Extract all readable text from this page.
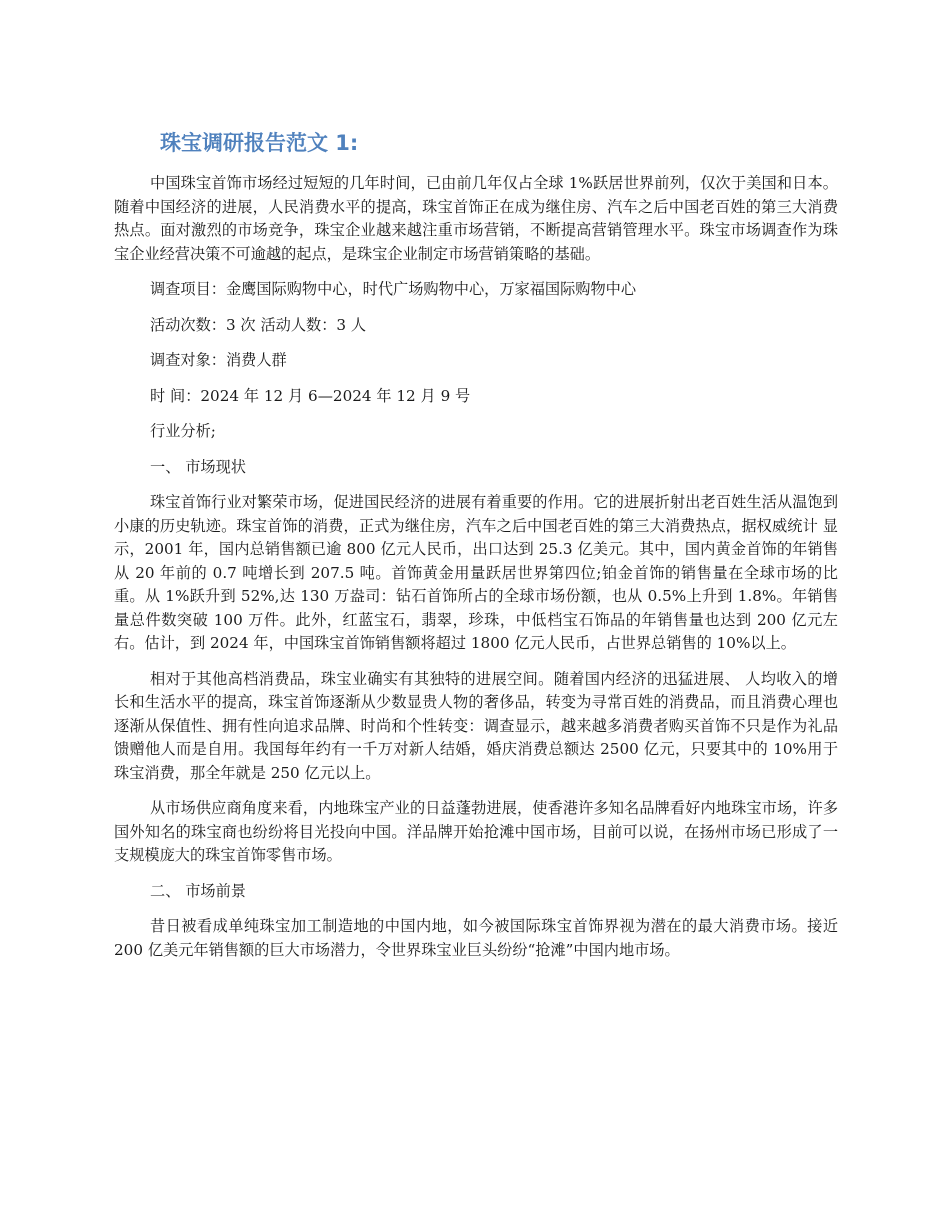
珠宝调研报告范文 1:

中国珠宝首饰市场经过短短的几年时间，已由前几年仅占全球 1%跃居世界前列，仅次于美国和日本。随着中国经济的进展，人民消费水平的提高，珠宝首饰正在成为继住房、汽车之后中国老百姓的第三大消费热点。面对激烈的市场竞争，珠宝企业越来越注重市场营销，不断提高营销管理水平。珠宝市场调查作为珠宝企业经营决策不可逾越的起点，是珠宝企业制定市场营销策略的基础。

调查项目：金鹰国际购物中心，时代广场购物中心，万家福国际购物中心

活动次数：3 次 活动人数：3 人

调查对象：消费人群

时 间：2024 年 12 月 6—2024 年 12 月 9 号

行业分析;

一、 市场现状

珠宝首饰行业对繁荣市场，促进国民经济的进展有着重要的作用。它的进展折射出老百姓生活从温饱到小康的历史轨迹。珠宝首饰的消费，正式为继住房，汽车之后中国老百姓的第三大消费热点，据权威统计 显示，2001 年，国内总销售额已逾 800 亿元人民币，出口达到 25.3 亿美元。其中，国内黄金首饰的年销售从 20 年前的 0.7 吨增长到 207.5 吨。首饰黄金用量跃居世界第四位;铂金首饰的销售量在全球市场的比重。从 1%跃升到 52%,达 130 万盎司：钻石首饰所占的全球市场份额，也从 0.5%上升到 1.8%。年销售量总件数突破 100 万件。此外，红蓝宝石，翡翠，珍珠，中低档宝石饰品的年销售量也达到 200 亿元左右。估计，到 2024 年，中国珠宝首饰销售额将超过 1800 亿元人民币，占世界总销售的 10%以上。

相对于其他高档消费品，珠宝业确实有其独特的进展空间。随着国内经济的迅猛进展、 人均收入的增长和生活水平的提高，珠宝首饰逐渐从少数显贵人物的奢侈品，转变为寻常百姓的消费品，而且消费心理也逐渐从保值性、拥有性向追求品牌、时尚和个性转变：调查显示，越来越多消费者购买首饰不只是作为礼品馈赠他人而是自用。我国每年约有一千万对新人结婚，婚庆消费总额达 2500 亿元，只要其中的 10%用于珠宝消费，那全年就是 250 亿元以上。

从市场供应商角度来看，内地珠宝产业的日益蓬勃进展，使香港许多知名品牌看好内地珠宝市场，许多国外知名的珠宝商也纷纷将目光投向中国。洋品牌开始抢滩中国市场，目前可以说，在扬州市场已形成了一支规模庞大的珠宝首饰零售市场。

二、 市场前景

昔日被看成单纯珠宝加工制造地的中国内地，如今被国际珠宝首饰界视为潜在的最大消费市场。接近 200 亿美元年销售额的巨大市场潜力，令世界珠宝业巨头纷纷“抢滩”中国内地市场。
